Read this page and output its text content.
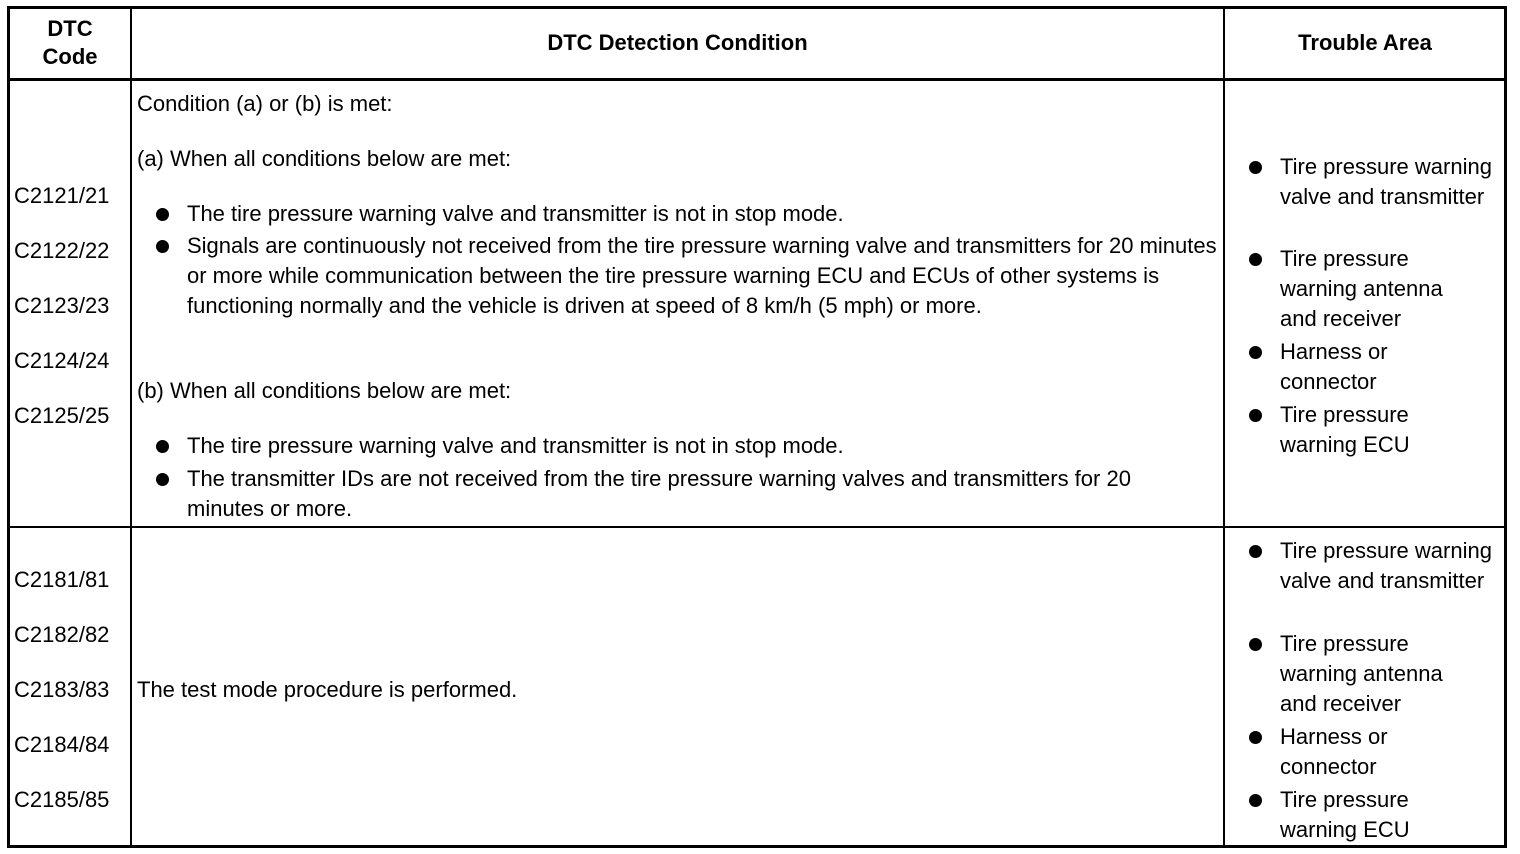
DTC
Code
DTC Detection Condition	Trouble Area
C2121/21
C2122/22
C2123/23
C2124/24
C2125/25
Condition (a) or (b) is met:
(a) When all conditions below are met:
The tire pressure warning valve and transmitter is not in stop mode.
Signals are continuously not received from the tire pressure warning valve and transmitters for 20 minutes or more while communication between the tire pressure warning ECU and ECUs of other systems is functioning normally and the vehicle is driven at speed of 8 km/h (5 mph) or more.
(b) When all conditions below are met:
The tire pressure warning valve and transmitter is not in stop mode.
The transmitter IDs are not received from the tire pressure warning valves and transmitters for 20 minutes or more.
Tire pressure warning valve and transmitter
Tire pressure warning antenna and receiver
Harness or connector
Tire pressure warning ECU
C2181/81
C2182/82
C2183/83
C2184/84
C2185/85
The test mode procedure is performed.
Tire pressure warning valve and transmitter
Tire pressure warning antenna and receiver
Harness or connector
Tire pressure warning ECU
